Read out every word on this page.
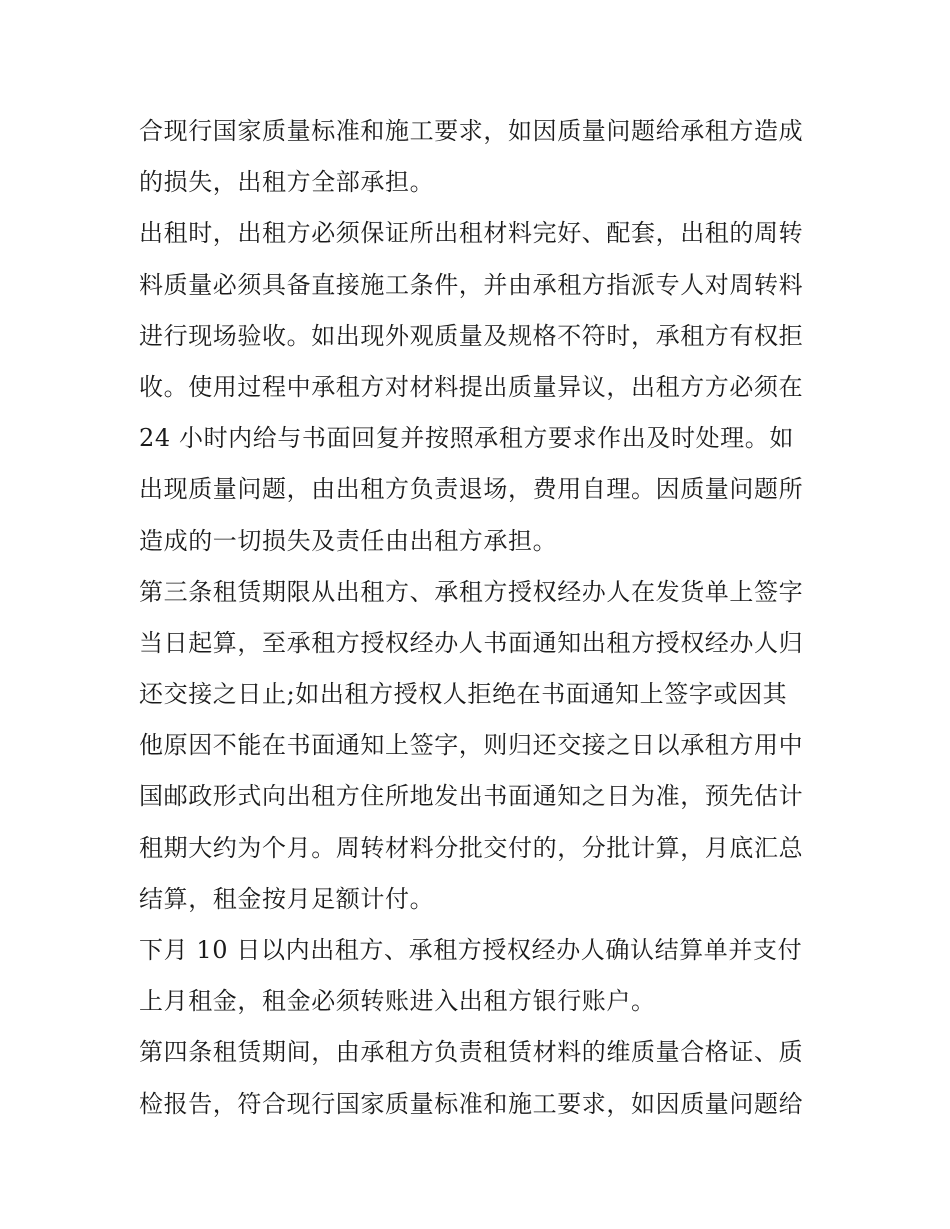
合现行国家质量标准和施工要求，如因质量问题给承租方造成
的损失，出租方全部承担。
出租时，出租方必须保证所出租材料完好、配套，出租的周转
料质量必须具备直接施工条件，并由承租方指派专人对周转料
进行现场验收。如出现外观质量及规格不符时，承租方有权拒
收。使用过程中承租方对材料提出质量异议，出租方方必须在
24 小时内给与书面回复并按照承租方要求作出及时处理。如
出现质量问题，由出租方负责退场，费用自理。因质量问题所
造成的一切损失及责任由出租方承担。
第三条租赁期限从出租方、承租方授权经办人在发货单上签字
当日起算，至承租方授权经办人书面通知出租方授权经办人归
还交接之日止;如出租方授权人拒绝在书面通知上签字或因其
他原因不能在书面通知上签字，则归还交接之日以承租方用中
国邮政形式向出租方住所地发出书面通知之日为准，预先估计
租期大约为个月。周转材料分批交付的，分批计算，月底汇总
结算，租金按月足额计付。
下月 10 日以内出租方、承租方授权经办人确认结算单并支付
上月租金，租金必须转账进入出租方银行账户。
第四条租赁期间，由承租方负责租赁材料的维质量合格证、质
检报告，符合现行国家质量标准和施工要求，如因质量问题给
